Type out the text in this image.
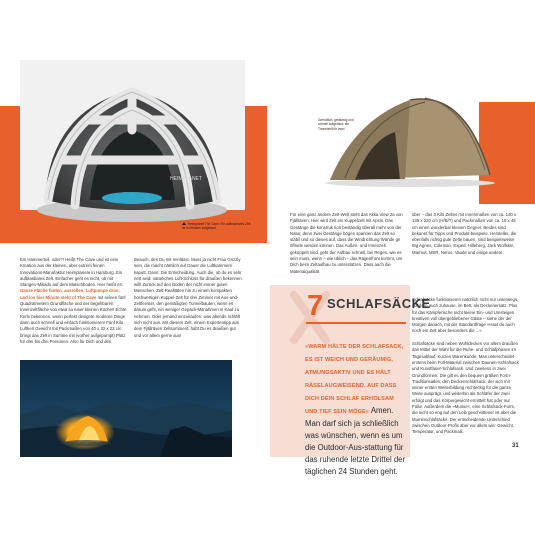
HEIMPLANET
Heimplanet The Cave: Ein aufblasbares Zelt
ist in Minuten aufgebaut
Ein Hammerteil, oder?! Heißt The Cave und ist eine Kreation aus der kleinen, aber extrem feinen Innovations-Manufaktur Heimplanete in Hamburg. Ein aufblasbares Zelt. Einfacher geht es nicht, ob mit Stangen-Mikado auf dem Matschboden. Hier heißt es: Ganze Fläche finden, ausrollen, Luftpumpe dran, und los hier Minute steht of The Cave mit seinen fünf Quadratmetern Grundfläche und der begehbaren Innenzeltfläche von etwa so einer kleinen Küche!! Echte Kerle bekennen, wenn perfekt designte moderne Dinge dann auch schnell und einfach funktionieren! Fünf Kilo Luftkerl Gewicht mit Packmaßen von 40 x 32 x 23 cm bringt das Zelt in Summe mit (vorher aufgepumpt) Platz für drei bis drei Personen. Also für Dich und den
Beauch, des Du mit reinlässt. Muss ja nicht Frau Grizzly sein, die macht nämlich auf Dauer die Luftkammern kaputt. Dann: Die Entscheidung. Auch die, ob du es sehr nett seid: natürliches Luft-Schloss für draußen bekennen will! Zurück auf den Boden der nicht immer guten Menschen. Zelt-Realitäten hin zu einem kompakten hochwertigen Kuppel-Zelt für drei Zimmer mit Aus-und-Zeltfenster, den gemäßigten Tunnelbauten, wenn es darum geht, ein weniger Gepäck-Mitnahmen in Kauf zu nehmen. Oder jemand einzukaufen: was abends schläft sich nicht aus. Mit diesem Zelt, einem Expertentipp aus dem Fjällräven Zeltsortiment, habt Du es draußen gut und vor allem gerne aus!
Gemütlich, geräumig und schnell aufgebaut: ein Tunnelzelt für zwei
Für eine ganz andere Zelt-Welt steht das Akka View 2a von Fjällräven. Hier wird Zelt ein Kuppelzelt mit Apsis. Das Gestänge die konstruk tion beständig überall mehr von der Natur, denn zwei Gestänge bögen spannen das Zelt so stabil und so dieses auf, dass die Windrichtung Wände ge öffnete werden können. Das Außen- und Innenzelt gekoppelt sind, geht der Aufbau schnell, bei Regen, wie es sein muss, wenn – wie üblich – das Ragenfront kommt, um Dich beim Zeltaufbau zu unterstützen. Dass auch die Materialqualität
über – das 3 Kilo Zeltes mit Innenmaßen von ca. 130 x 135 x 220 cm (H/B/T) und Packmaßen von ca. 15 x 45 cm einen wunderbar kleinen Gegner. Beides sind bekannt für Tipps und Produkt-beispiele. Hersteller, die ebenfalls richtig gute Zelte bauen, sind beispielsweise Big Agnes, Coleman, Exped, Hilleberg, Jack Wolfskin, Marmot, MSR, Nemo, Vaude und einige andere.
7 SCHLAFSÄCKE
»WARM HÄLTE DER SCHLAFSACK, ES IST WEICH UND GERÄUMIG, ATMUNGSAKTIV UND ES HÄLT RÄSELAUGWEISEND. AUF DASS DICH DEIN SCHLAF ERHOLSAM UND TIEF SEIN MÖGE« Amen. Man darf sich ja schließlich was wünschen, wenn es um die Outdoor-Aus-stattung für das ruhende letzte Drittel der täglichen 24 Stunden geht.
Schlafsäcke funktionieren natürlich nicht nur unterwegs, sondern auch zuhause, im Bett, als Deckenersatz. Plus für das Kämpferische nicht kleine Ein- und Umsteigen kreativen voll übergebliebener Gäste – siehe der der Morgen danach, mit der Standardfrage »Hast du auch noch ein Zelt aber besonders die ...«

Schlafsäcke sind neben Wohldecken vor allem draußen das Mittel der Wahl für die Ruhe- und Schlafphasen im Tagesablauf. Kurzes Warenkunde: Man unterscheidet erstens beim Füll-Material zwischen Daunen-Schlafsack und Kunstfaser-Schlafsack. Und zweitens in zwei Grundformen: Die gilt es den bequem gräßen Form-Traditionsatlen, den Deckenschlafsack, der sich mit seiner ersten Weiterbildung rechteckig für die ganze Weite ausprägt, und weiterhin als Schläfer der zwei erfolgt und das Körpergewicht ermittelt hat oder nur Füße. Außerdem die »Mumie«, eine Schlafsack-Form, die nicht so eng auf den Leib geschnittener ist aber die Muminschlafsäcke. Der entscheidende Unterschied zwischen Outdoor-Profis aber vor allem wie: Gewicht, Temperatur, und Packmaß.
31
